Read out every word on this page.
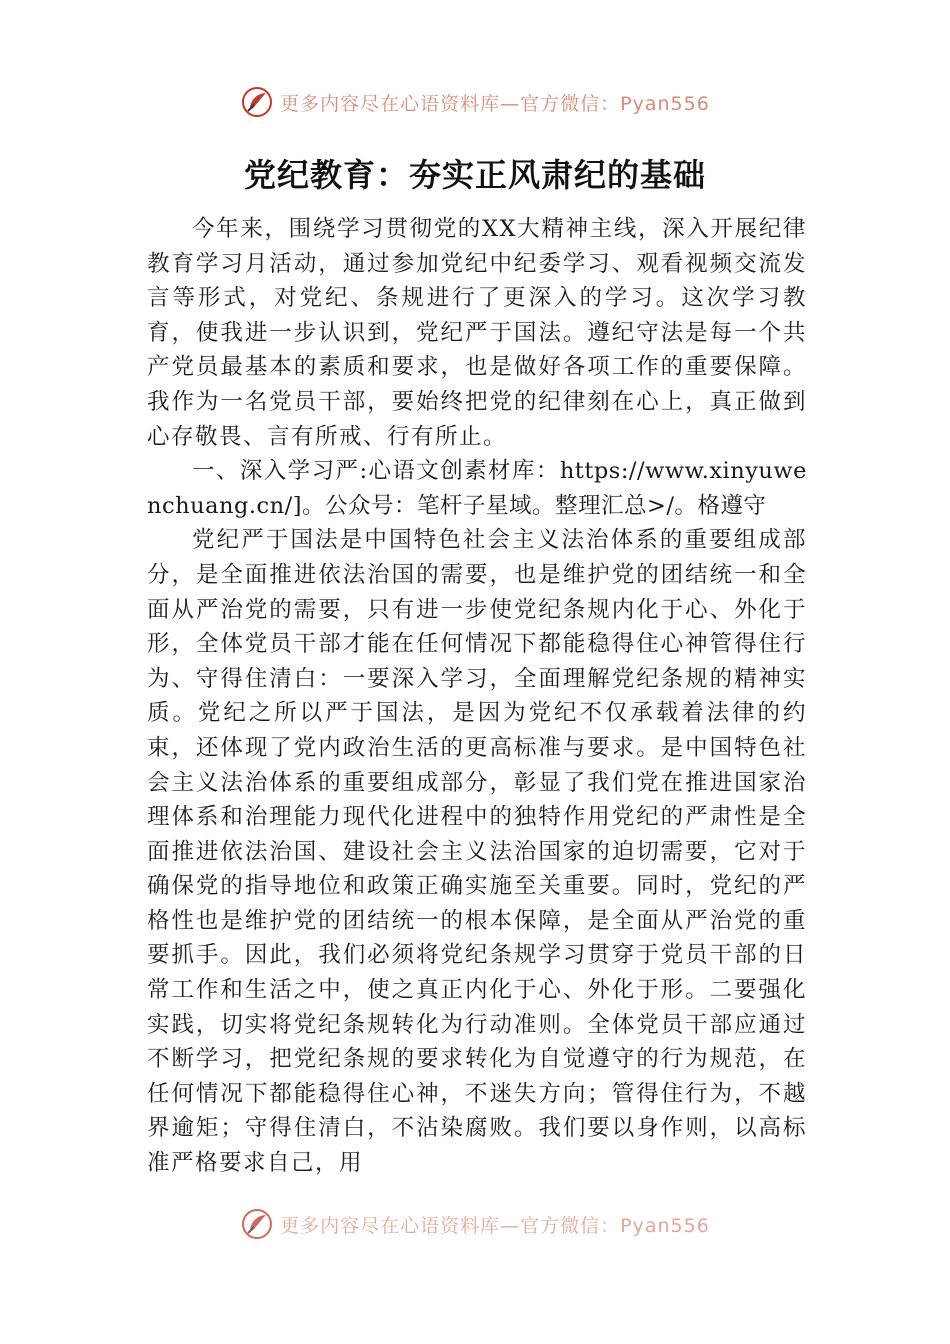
更多内容尽在心语资料库—官方微信：Pyan556
党纪教育：夯实正风肃纪的基础

今年来，围绕学习贯彻党的XX大精神主线，深入开展纪律教育学习月活动，通过参加党纪中纪委学习、观看视频交流发言等形式，对党纪、条规进行了更深入的学习。这次学习教育，使我进一步认识到，党纪严于国法。遵纪守法是每一个共产党员最基本的素质和要求，也是做好各项工作的重要保障。我作为一名党员干部，要始终把党的纪律刻在心上，真正做到心存敬畏、言有所戒、行有所止。

一、深入学习严:心语文创素材库：https://www.xinyuwenchuang.cn/]。公众号：笔杆子星域。整理汇总>/。格遵守

党纪严于国法是中国特色社会主义法治体系的重要组成部分，是全面推进依法治国的需要，也是维护党的团结统一和全面从严治党的需要，只有进一步使党纪条规内化于心、外化于形，全体党员干部才能在任何情况下都能稳得住心神管得住行为、守得住清白：一要深入学习，全面理解党纪条规的精神实质。党纪之所以严于国法，是因为党纪不仅承载着法律的约束，还体现了党内政治生活的更高标准与要求。是中国特色社会主义法治体系的重要组成部分，彰显了我们党在推进国家治理体系和治理能力现代化进程中的独特作用党纪的严肃性是全面推进依法治国、建设社会主义法治国家的迫切需要，它对于确保党的指导地位和政策正确实施至关重要。同时，党纪的严格性也是维护党的团结统一的根本保障，是全面从严治党的重要抓手。因此，我们必须将党纪条规学习贯穿于党员干部的日常工作和生活之中，使之真正内化于心、外化于形。二要强化实践，切实将党纪条规转化为行动准则。全体党员干部应通过不断学习，把党纪条规的要求转化为自觉遵守的行为规范，在任何情况下都能稳得住心神，不迷失方向；管得住行为，不越界逾矩；守得住清白，不沾染腐败。我们要以身作则，以高标准严格要求自己，用

更多内容尽在心语资料库—官方微信：Pyan556
